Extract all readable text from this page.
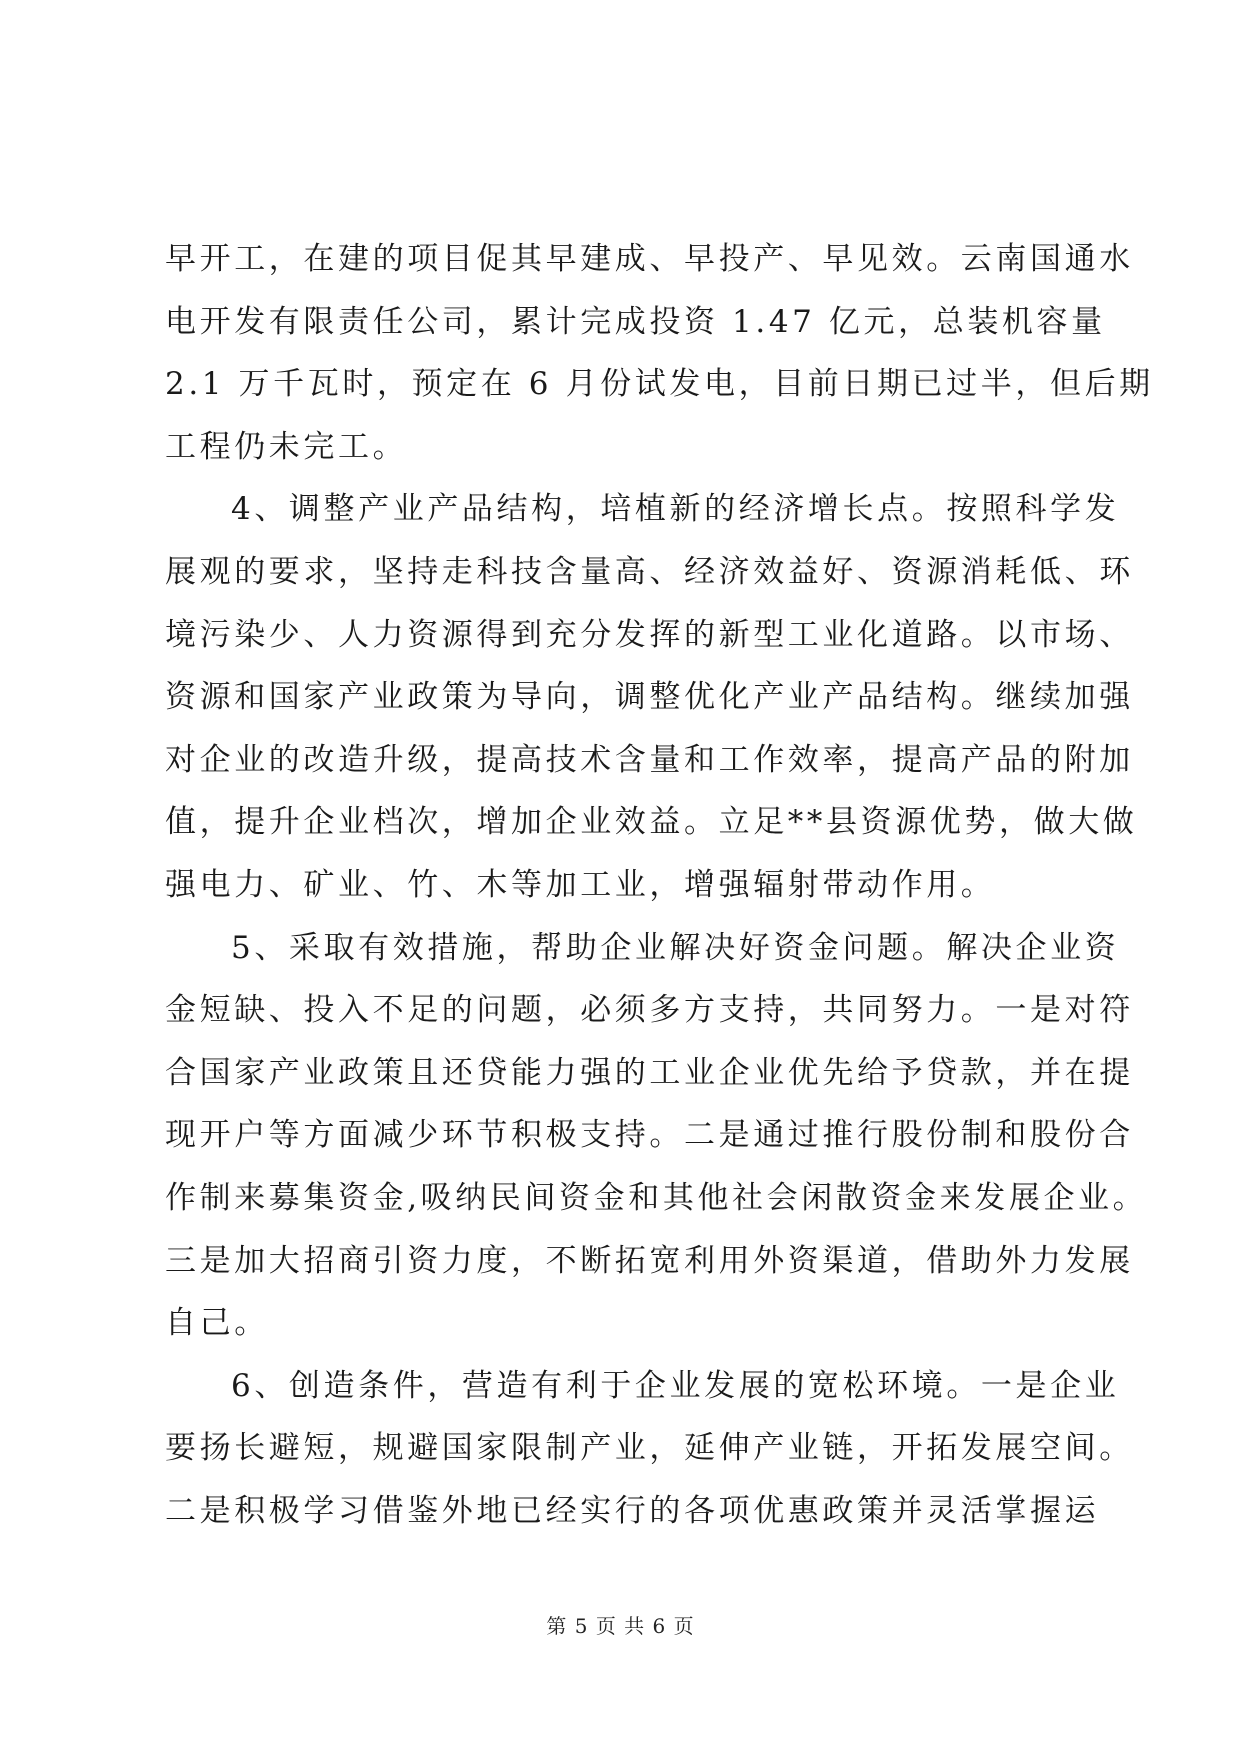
早开工，在建的项目促其早建成、早投产、早见效。云南国通水
电开发有限责任公司，累计完成投资 1.47 亿元，总装机容量
2.1 万千瓦时，预定在 6 月份试发电，目前日期已过半，但后期
工程仍未完工。
4、调整产业产品结构，培植新的经济增长点。按照科学发
展观的要求，坚持走科技含量高、经济效益好、资源消耗低、环
境污染少、人力资源得到充分发挥的新型工业化道路。以市场、
资源和国家产业政策为导向，调整优化产业产品结构。继续加强
对企业的改造升级，提高技术含量和工作效率，提高产品的附加
值，提升企业档次，增加企业效益。立足**县资源优势，做大做
强电力、矿业、竹、木等加工业，增强辐射带动作用。
5、采取有效措施，帮助企业解决好资金问题。解决企业资
金短缺、投入不足的问题，必须多方支持，共同努力。一是对符
合国家产业政策且还贷能力强的工业企业优先给予贷款，并在提
现开户等方面减少环节积极支持。二是通过推行股份制和股份合
作制来募集资金,吸纳民间资金和其他社会闲散资金来发展企业。
三是加大招商引资力度，不断拓宽利用外资渠道，借助外力发展
自己。
6、创造条件，营造有利于企业发展的宽松环境。一是企业
要扬长避短，规避国家限制产业，延伸产业链，开拓发展空间。
二是积极学习借鉴外地已经实行的各项优惠政策并灵活掌握运
第 5 页 共 6 页
